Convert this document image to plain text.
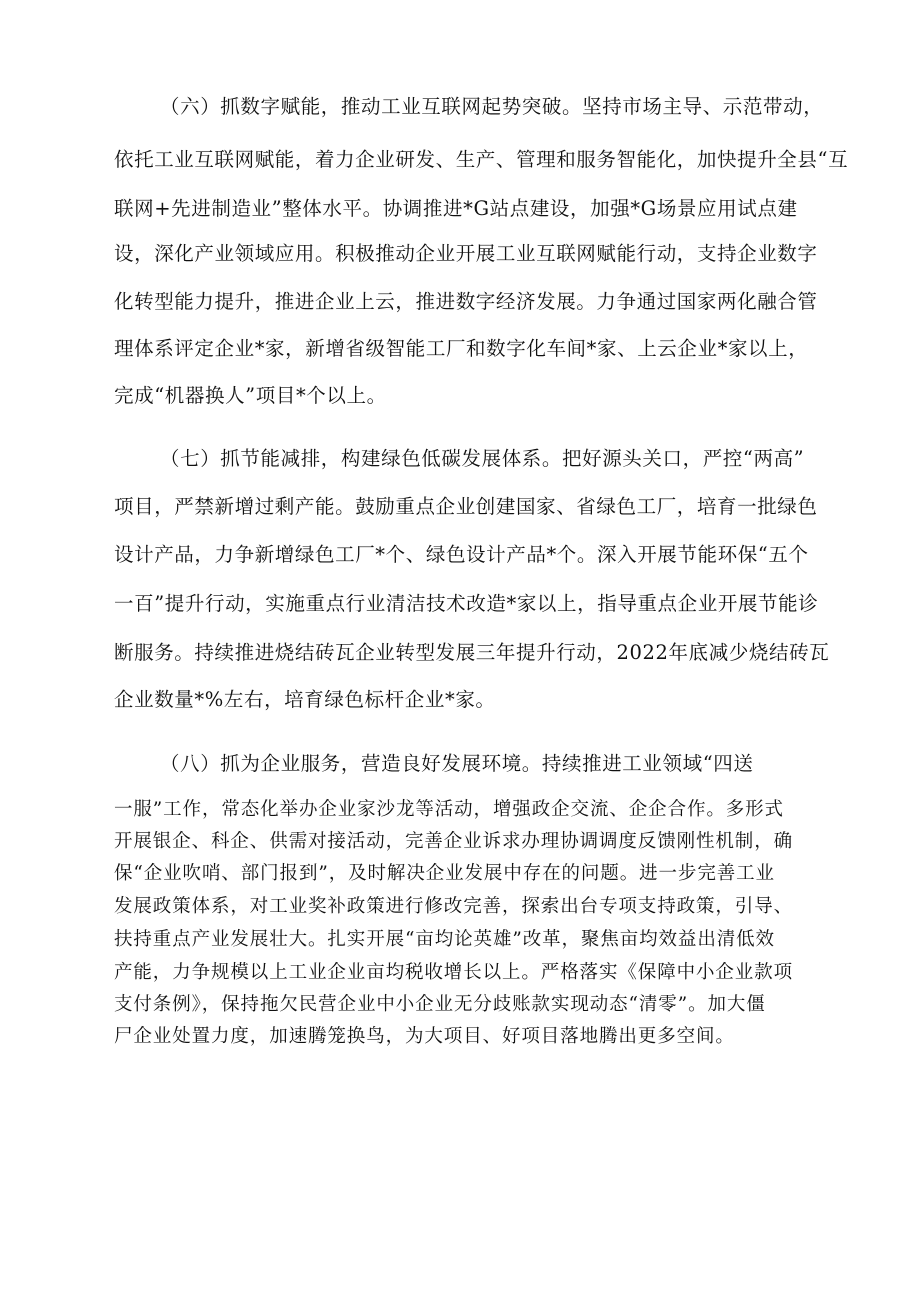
（六）抓数字赋能，推动工业互联网起势突破。坚持市场主导、示范带动，
依托工业互联网赋能，着力企业研发、生产、管理和服务智能化，加快提升全县“互
联网+先进制造业”整体水平。协调推进*G站点建设，加强*G场景应用试点建
设，深化产业领域应用。积极推动企业开展工业互联网赋能行动，支持企业数字
化转型能力提升，推进企业上云，推进数字经济发展。力争通过国家两化融合管
理体系评定企业*家，新增省级智能工厂和数字化车间*家、上云企业*家以上，
完成“机器换人”项目*个以上。
（七）抓节能减排，构建绿色低碳发展体系。把好源头关口，严控“两高”
项目，严禁新增过剩产能。鼓励重点企业创建国家、省绿色工厂，培育一批绿色
设计产品，力争新增绿色工厂*个、绿色设计产品*个。深入开展节能环保“五个
一百”提升行动，实施重点行业清洁技术改造*家以上，指导重点企业开展节能诊
断服务。持续推进烧结砖瓦企业转型发展三年提升行动，2022年底减少烧结砖瓦
企业数量*%左右，培育绿色标杆企业*家。
（八）抓为企业服务，营造良好发展环境。持续推进工业领域“四送
一服”工作，常态化举办企业家沙龙等活动，增强政企交流、企企合作。多形式
开展银企、科企、供需对接活动，完善企业诉求办理协调调度反馈刚性机制，确
保“企业吹哨、部门报到”，及时解决企业发展中存在的问题。进一步完善工业
发展政策体系，对工业奖补政策进行修改完善，探索出台专项支持政策，引导、
扶持重点产业发展壮大。扎实开展“亩均论英雄”改革，聚焦亩均效益出清低效
产能，力争规模以上工业企业亩均税收增长以上。严格落实《保障中小企业款项
支付条例》，保持拖欠民营企业中小企业无分歧账款实现动态“清零”。加大僵
尸企业处置力度，加速腾笼换鸟，为大项目、好项目落地腾出更多空间。
